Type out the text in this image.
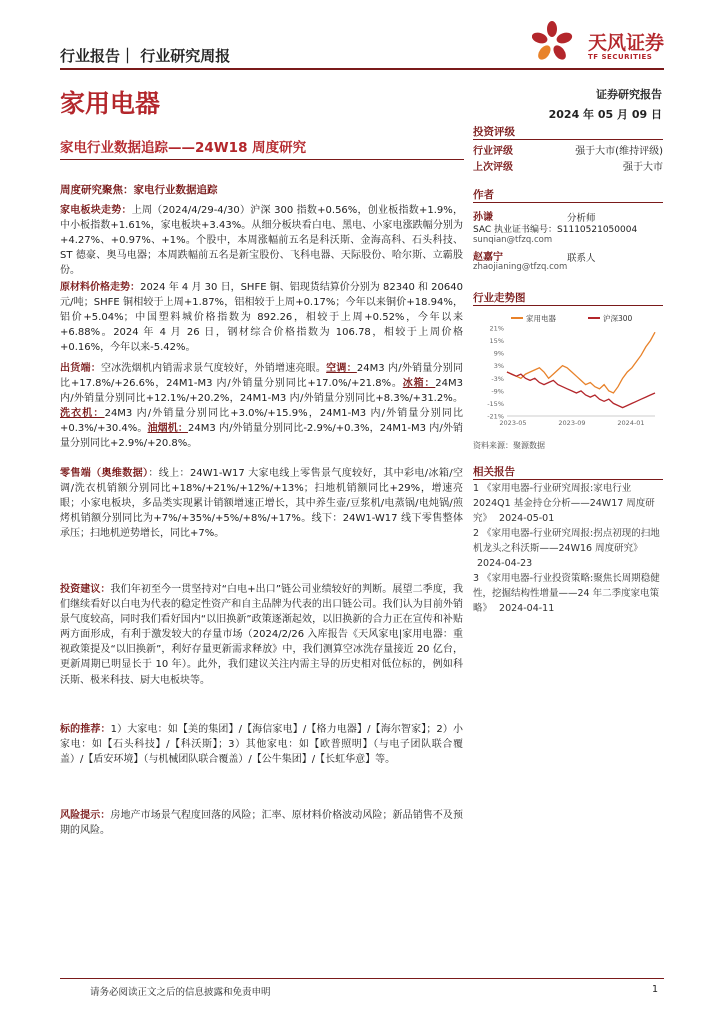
行业报告｜ 行业研究周报
天风证券
TF SECURITIES
家用电器	证券研究报告
2024 年 05 月 09 日
家电行业数据追踪——24W18 周度研究
周度研究聚焦：家电行业数据追踪
家电板块走势：上周（2024/4/29-4/30）沪深 300 指数+0.56%，创业板指数+1.9%，中小板指数+1.61%，家电板块+3.43%。从细分板块看白电、黑电、小家电涨跌幅分别为+4.27%、+0.97%、+1%。个股中，本周涨幅前五名是科沃斯、金海高科、石头科技、ST 德豪、奥马电器；本周跌幅前五名是新宝股份、飞科电器、天际股份、哈尔斯、立霸股份。
原材料价格走势：2024 年 4 月 30 日，SHFE 铜、铝现货结算价分别为 82340 和 20640 元/吨；SHFE 铜相较于上周+1.87%，铝相较于上周+0.17%；今年以来铜价+18.94%，铝价+5.04%；中国塑料城价格指数为 892.26，相较于上周+0.52%，今年以来+6.88%。2024 年 4 月 26 日，钢材综合价格指数为 106.78，相较于上周价格+0.16%，今年以来-5.42%。
出货端：空冰洗烟机内销需求景气度较好，外销增速亮眼。空调：24M3 内/外销量分别同比+17.8%/+26.6%，24M1-M3 内/外销量分别同比+17.0%/+21.8%。冰箱：24M3 内/外销量分别同比+12.1%/+20.2%，24M1-M3 内/外销量分别同比+8.3%/+31.2%。洗衣机：24M3 内/外销量分别同比+3.0%/+15.9%，24M1-M3 内/外销量分别同比+0.3%/+30.4%。油烟机：24M3 内/外销量分别同比-2.9%/+0.3%，24M1-M3 内/外销量分别同比+2.9%/+20.8%。
零售端（奥维数据）：线上：24W1-W17 大家电线上零售景气度较好，其中彩电/冰箱/空调/洗衣机销额分别同比+18%/+21%/+12%/+13%；扫地机销额同比+29%，增速亮眼；小家电板块，多品类实现累计销额增速正增长，其中养生壶/豆浆机/电蒸锅/电炖锅/煎烤机销额分别同比为+7%/+35%/+5%/+8%/+17%。线下：24W1-W17 线下零售整体承压；扫地机逆势增长，同比+7%。
投资建议：我们年初至今一贯坚持对“白电+出口”链公司业绩较好的判断。展望二季度，我们继续看好以白电为代表的稳定性资产和自主品牌为代表的出口链公司。我们认为目前外销景气度较高，同时我们看好国内“以旧换新”政策逐渐起效，以旧换新的合力正在宣传和补贴两方面形成，有利于激发较大的存量市场（2024/2/26 入库报告《天风家电|家用电器：重视政策提及“以旧换新”，利好存量更新需求释放》中，我们测算空冰洗存量接近 20 亿台，更新周期已明显长于 10 年）。此外，我们建议关注内需主导的历史相对低位标的，例如科沃斯、极米科技、厨大电板块等。
标的推荐：1）大家电：如【美的集团】/【海信家电】/【格力电器】/【海尔智家】；2）小家电：如【石头科技】/【科沃斯】；3）其他家电：如【欧普照明】（与电子团队联合覆盖）/【盾安环境】（与机械团队联合覆盖）/【公牛集团】/【长虹华意】等。
风险提示：房地产市场景气程度回落的风险；汇率、原材料价格波动风险；新品销售不及预期的风险。
投资评级
行业评级	强于大市(维持评级)
上次评级	强于大市
作者
孙谦	分析师
SAC 执业证书编号：S1110521050004
sunqian@tfzq.com
赵嘉宁	联系人
zhaojianing@tfzq.com
行业走势图
家用电器	沪深300
21%
15%
9%
3%
-3%
-9%
-15%
-21%
2023-05	2023-09	2024-01
资料来源：聚源数据
相关报告
1 《家用电器-行业研究周报:家电行业 2024Q1 基金持仓分析——24W17 周度研究》 2024-05-01
2 《家用电器-行业研究周报:拐点初现的扫地机龙头之科沃斯——24W16 周度研究》 2024-04-23
3 《家用电器-行业投资策略:聚焦长周期稳健性，挖掘结构性增量——24 年二季度家电策略》 2024-04-11
请务必阅读正文之后的信息披露和免责申明	1
